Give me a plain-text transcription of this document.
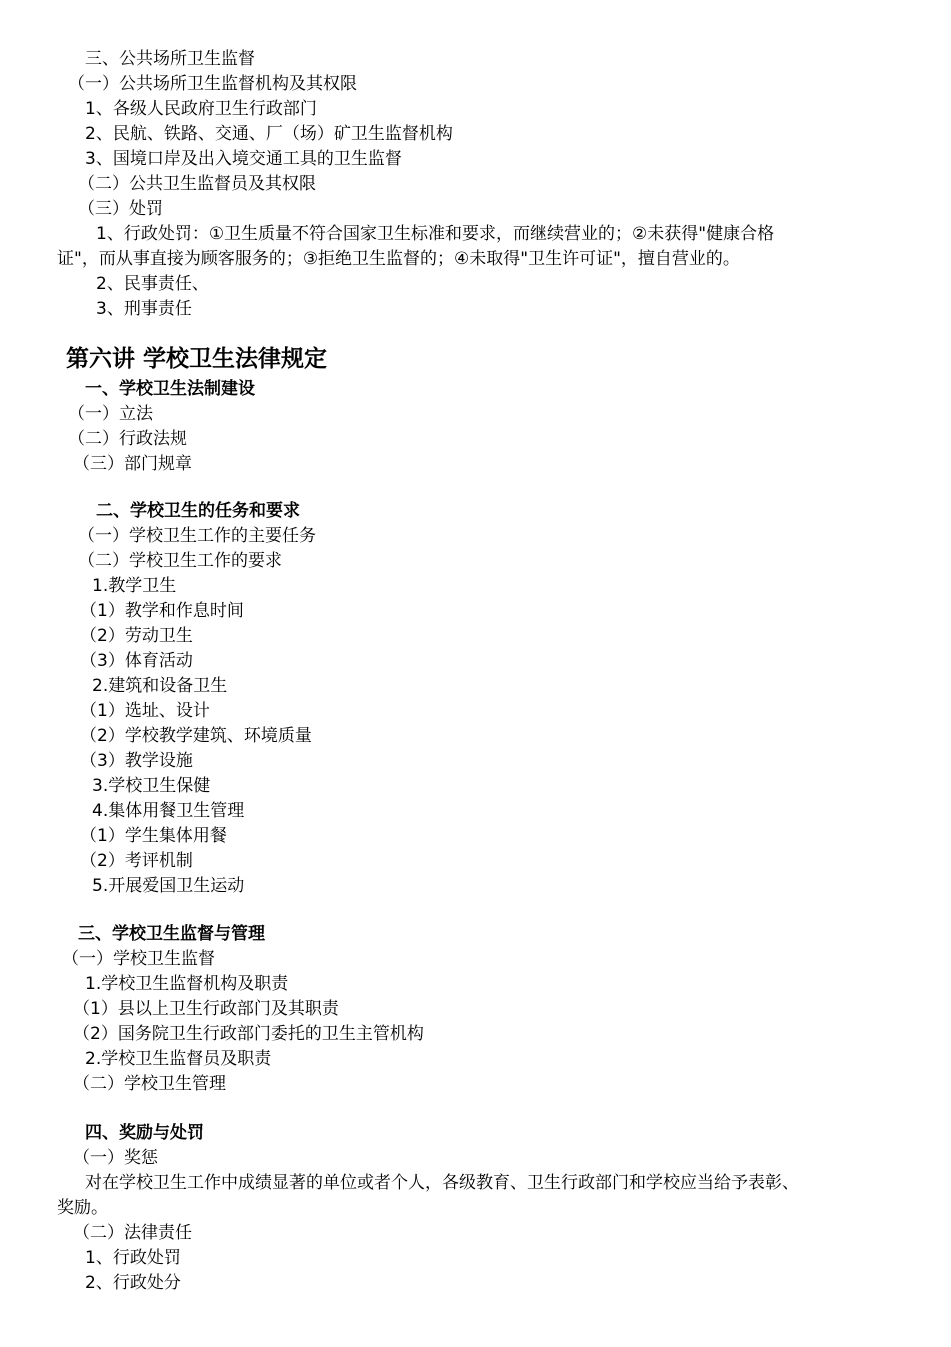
三、公共场所卫生监督
（一）公共场所卫生监督机构及其权限
1、各级人民政府卫生行政部门
2、民航、铁路、交通、厂（场）矿卫生监督机构
3、国境口岸及出入境交通工具的卫生监督
（二）公共卫生监督员及其权限
（三）处罚
1、行政处罚：①卫生质量不符合国家卫生标准和要求，而继续营业的；②未获得"健康合格
证"，而从事直接为顾客服务的；③拒绝卫生监督的；④未取得"卫生许可证"，擅自营业的。
2、民事责任、
3、刑事责任
第六讲 学校卫生法律规定
一、学校卫生法制建设
（一）立法
（二）行政法规
（三）部门规章
二、学校卫生的任务和要求
（一）学校卫生工作的主要任务
（二）学校卫生工作的要求
1.教学卫生
（1）教学和作息时间
（2）劳动卫生
（3）体育活动
2.建筑和设备卫生
（1）选址、设计
（2）学校教学建筑、环境质量
（3）教学设施
3.学校卫生保健
4.集体用餐卫生管理
（1）学生集体用餐
（2）考评机制
5.开展爱国卫生运动
三、学校卫生监督与管理
（一）学校卫生监督
1.学校卫生监督机构及职责
（1）县以上卫生行政部门及其职责
（2）国务院卫生行政部门委托的卫生主管机构
2.学校卫生监督员及职责
（二）学校卫生管理
四、奖励与处罚
（一）奖惩
对在学校卫生工作中成绩显著的单位或者个人，各级教育、卫生行政部门和学校应当给予表彰、
奖励。
（二）法律责任
1、行政处罚
2、行政处分
